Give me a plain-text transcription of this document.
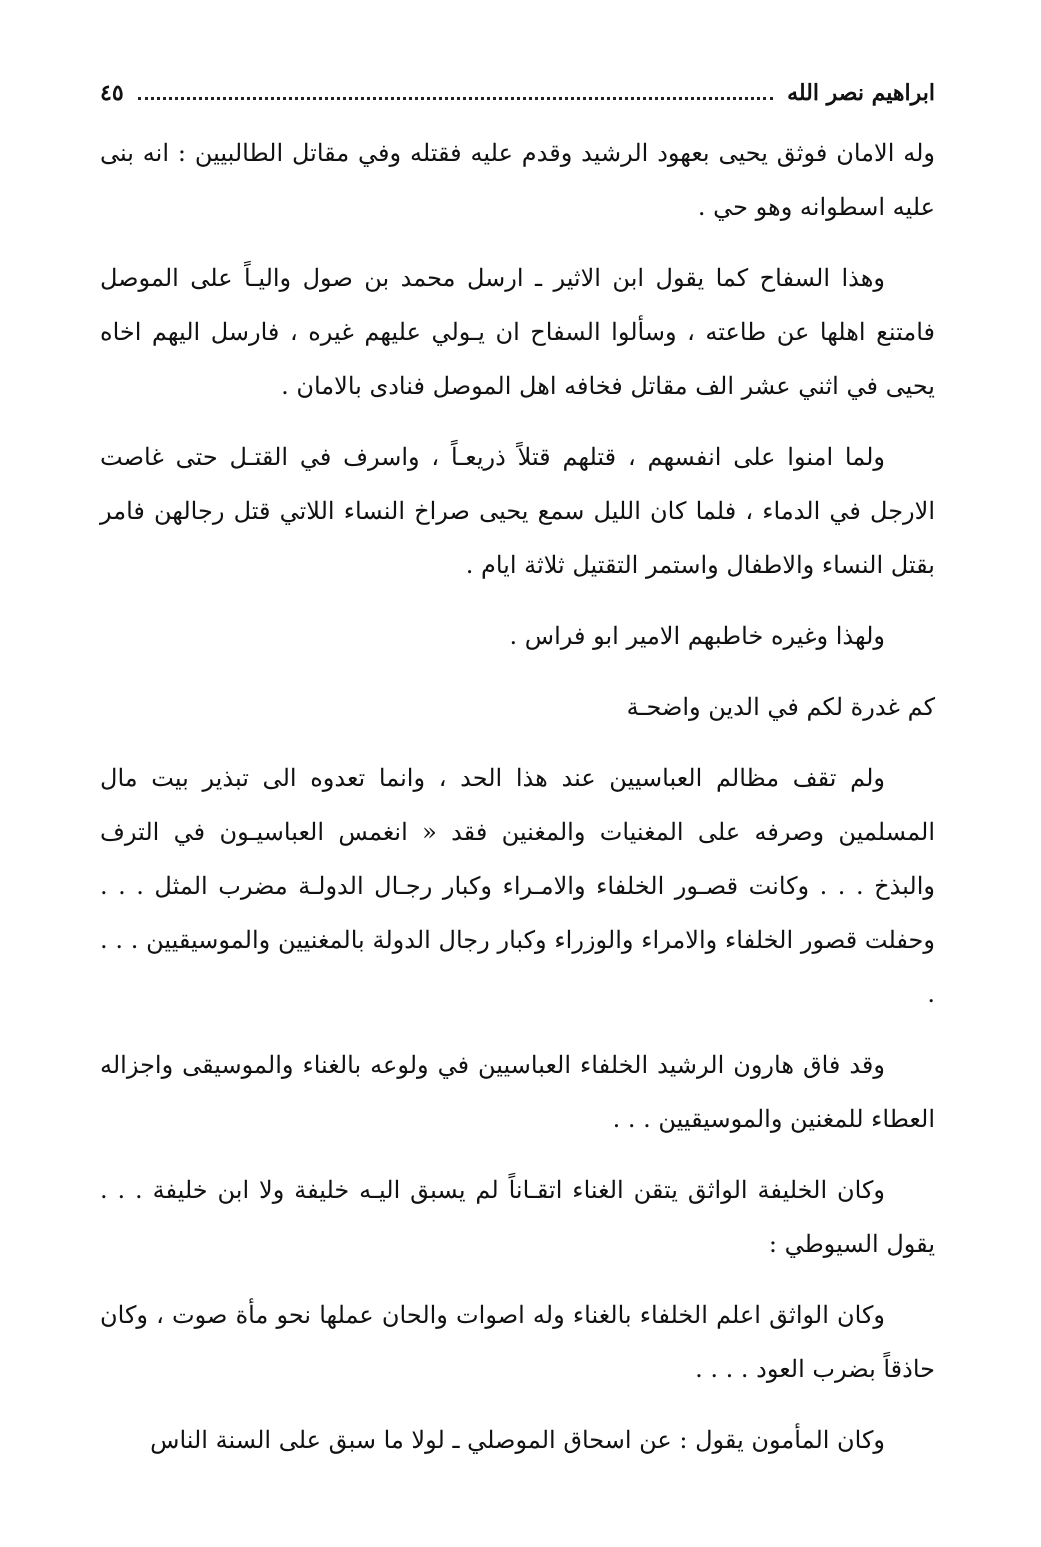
ابراهيم نصر الله
٤٥

وله الامان فوثق يحيى بعهود الرشيد وقدم عليه فقتله وفي مقاتل الطالبيين : انه بنى عليه اسطوانه وهو حي .

وهذا السفاح كما يقول ابن الاثير ـ ارسل محمد بن صول واليـاً على الموصل فامتنع اهلها عن طاعته ، وسألوا السفاح ان يـولي عليهم غيره ، فارسل اليهم اخاه يحيى في اثني عشر الف مقاتل فخافه اهل الموصل فنادى بالامان .

ولما امنوا على انفسهم ، قتلهم قتلاً ذريعـاً ، واسرف في القتـل حتى غاصت الارجل في الدماء ، فلما كان الليل سمع يحيى صراخ النساء اللاتي قتل رجالهن فامر بقتل النساء والاطفال واستمر التقتيل ثلاثة ايام .

ولهذا وغيره خاطبهم الامير ابو فراس .

كم غدرة لكم في الدين واضحـة

ولم تقف مظالم العباسيين عند هذا الحد ، وانما تعدوه الى تبذير بيت مال المسلمين وصرفه على المغنيات والمغنين فقد « انغمس العباسيـون في الترف والبذخ . . . وكانت قصـور الخلفاء والامـراء وكبار رجـال الدولـة مضرب المثل . . . وحفلت قصور الخلفاء والامراء والوزراء وكبار رجال الدولة بالمغنيين والموسيقيين . . . .

وقد فاق هارون الرشيد الخلفاء العباسيين في ولوعه بالغناء والموسيقى واجزاله العطاء للمغنين والموسيقيين . . .

وكان الخليفة الواثق يتقن الغناء اتقـاناً لم يسبق اليـه خليفة ولا ابن خليفة . . . يقول السيوطي :

وكان الواثق اعلم الخلفاء بالغناء وله اصوات والحان عملها نحو مأة صوت ، وكان حاذقاً بضرب العود . . . .

وكان المأمون يقول : عن اسحاق الموصلي ـ لولا ما سبق على السنة الناس
